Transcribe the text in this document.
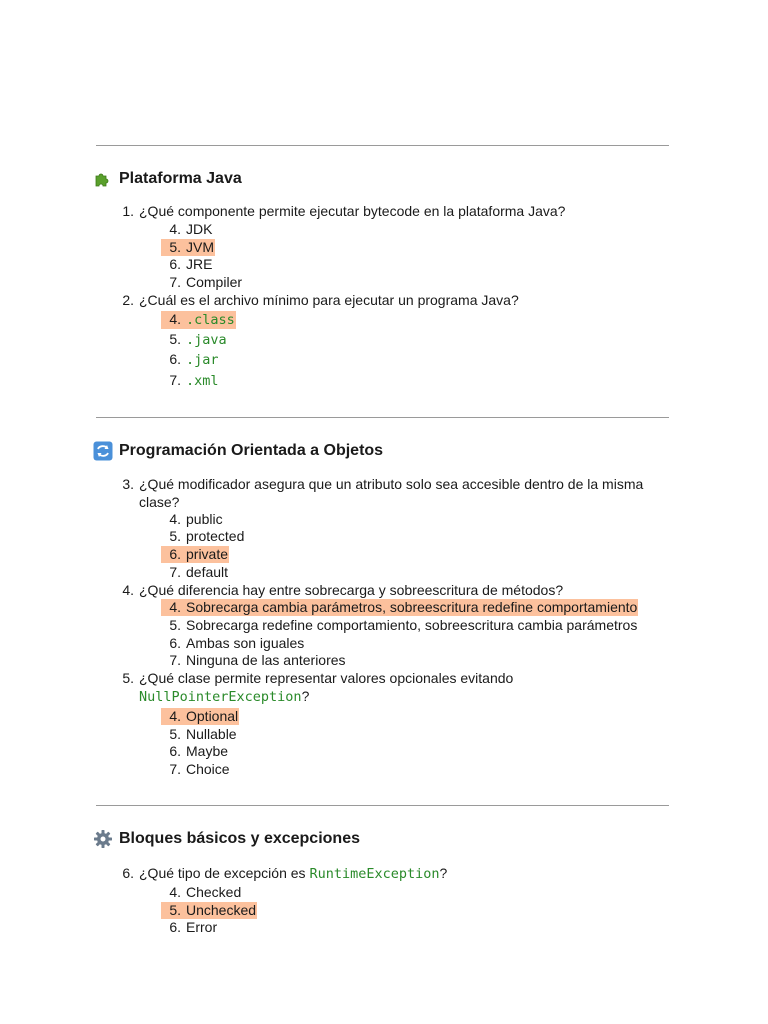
Plataforma Java
1. ¿Qué componente permite ejecutar bytecode en la plataforma Java?
4. JDK
5. JVM
6. JRE
7. Compiler
2. ¿Cuál es el archivo mínimo para ejecutar un programa Java?
4. .class
5. .java
6. .jar
7. .xml
Programación Orientada a Objetos
3. ¿Qué modificador asegura que un atributo solo sea accesible dentro de la misma
clase?
4. public
5. protected
6. private
7. default
4. ¿Qué diferencia hay entre sobrecarga y sobreescritura de métodos?
4. Sobrecarga cambia parámetros, sobreescritura redefine comportamiento
5. Sobrecarga redefine comportamiento, sobreescritura cambia parámetros
6. Ambas son iguales
7. Ninguna de las anteriores
5. ¿Qué clase permite representar valores opcionales evitando
NullPointerException?
4. Optional
5. Nullable
6. Maybe
7. Choice
Bloques básicos y excepciones
6. ¿Qué tipo de excepción es RuntimeException?
4. Checked
5. Unchecked
6. Error
